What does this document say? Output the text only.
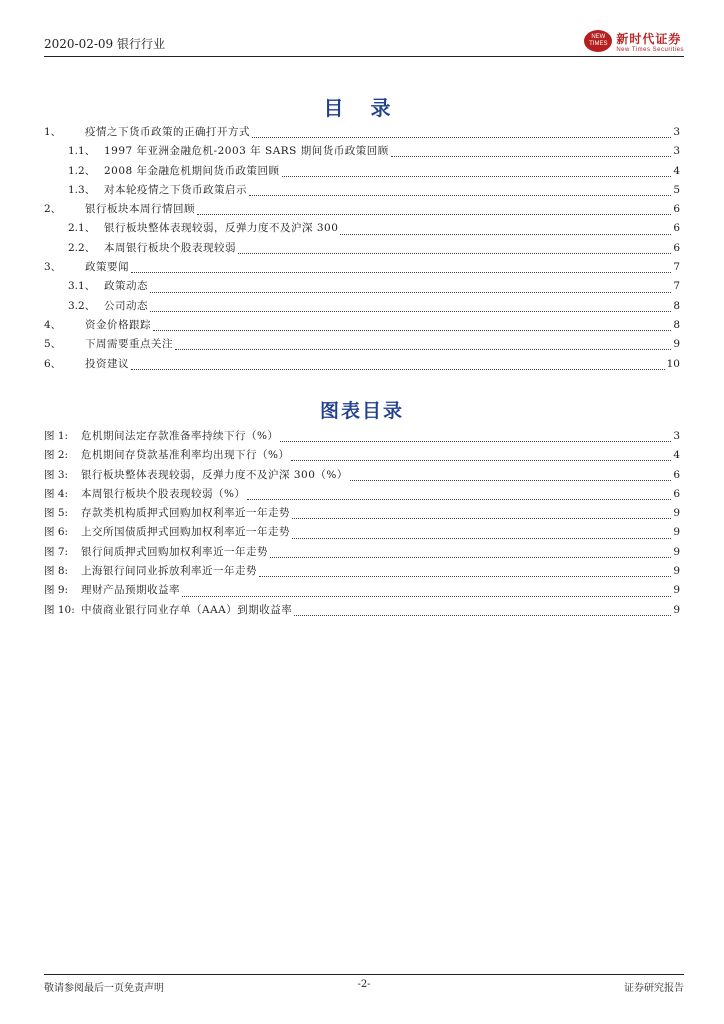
2020-02-09 银行行业	NEW TIMES 新时代证券
New Times Securities
目 录
1、	疫情之下货币政策的正确打开方式	3
1.1、 1997 年亚洲金融危机-2003 年 SARS 期间货币政策回顾	3
1.2、 2008 年金融危机期间货币政策回顾	4
1.3、 对本轮疫情之下货币政策启示	5
2、	银行板块本周行情回顾	6
2.1、 银行板块整体表现较弱，反弹力度不及沪深 300	6
2.2、 本周银行板块个股表现较弱	6
3、	政策要闻	7
3.1、 政策动态	7
3.2、 公司动态	8
4、	资金价格跟踪	8
5、	下周需要重点关注	9
6、	投资建议	10
图表目录
图 1:	危机期间法定存款准备率持续下行（%）	3
图 2:	危机期间存贷款基准利率均出现下行（%）	4
图 3:	银行板块整体表现较弱，反弹力度不及沪深 300（%）	6
图 4:	本周银行板块个股表现较弱（%）	6
图 5:	存款类机构质押式回购加权利率近一年走势	9
图 6:	上交所国债质押式回购加权利率近一年走势	9
图 7:	银行间质押式回购加权利率近一年走势	9
图 8:	上海银行间同业拆放利率近一年走势	9
图 9:	理财产品预期收益率	9
图 10: 中债商业银行同业存单（AAA）到期收益率	9
敬请参阅最后一页免责声明	-2-	证券研究报告
